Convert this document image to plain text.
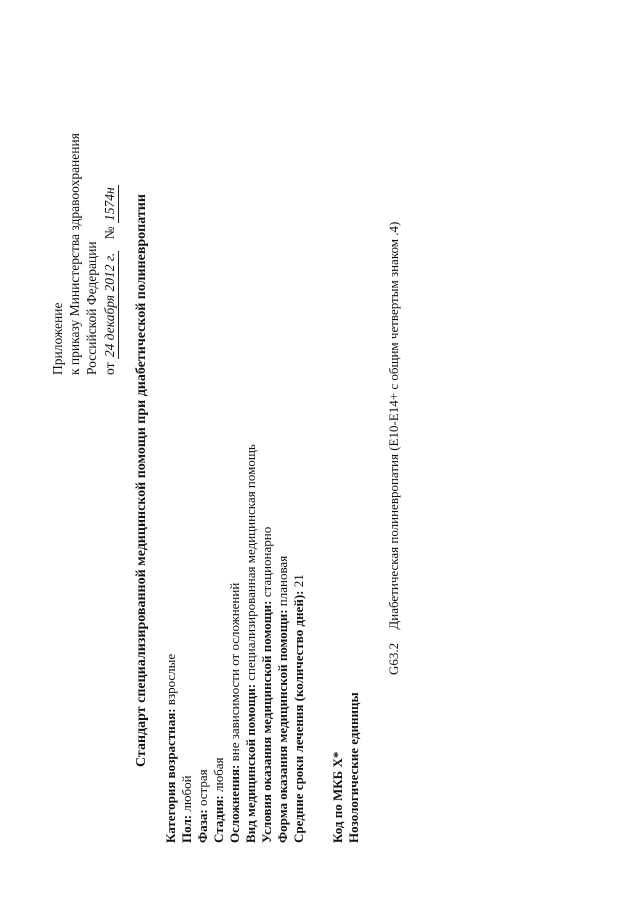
Приложение к приказу Министерства здравоохранения Российской Федерации от 24 декабря 2012 г. № 1574н Стандарт специализированной медицинской помощи при диабетической полиневропатии
Категория возрастная: взрослые
Пол: любой
Фаза: острая
Стадия: любая Осложнения: вне зависимости от осложнений Вид медицинской помощи: специализированная медицинская помощь
Условия оказания медицинской помощи: стационарно
Форма оказания медицинской помощи: плановая
Средние сроки лечения (количество дней): 21
Код по МКБ Х* Нозологические единицы
G63.2 Диабетическая полиневропатия (E10-E14+ с общим четвертым знаком .4)
